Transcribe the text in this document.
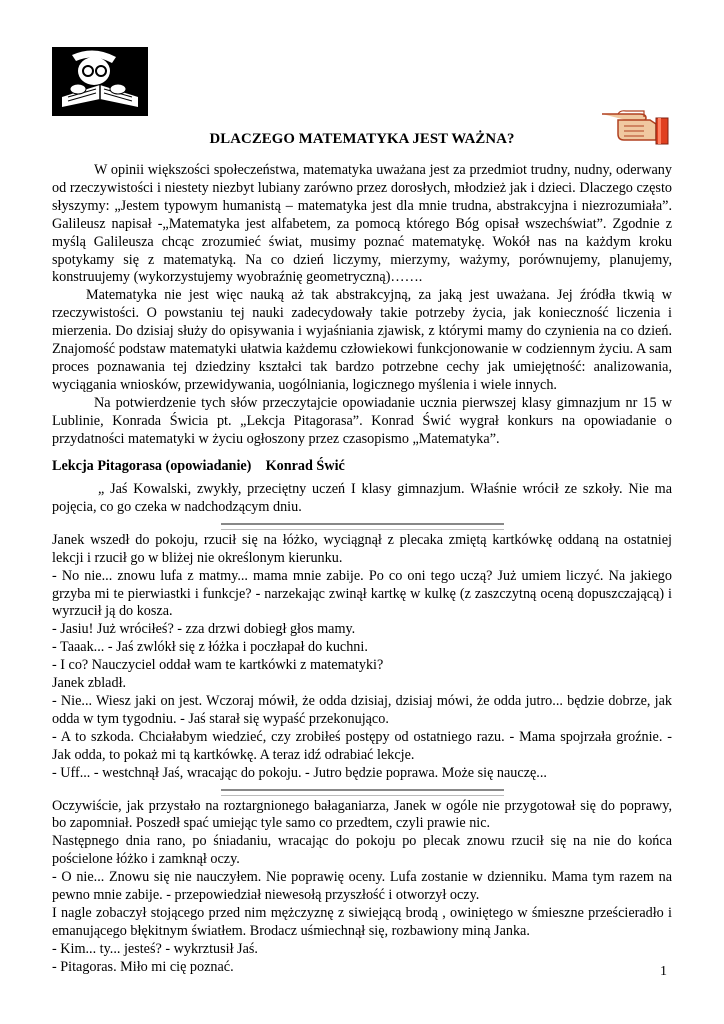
DLACZEGO MATEMATYKA JEST WAŻNA?

W opinii większości społeczeństwa, matematyka uważana jest za przedmiot trudny, nudny, oderwany od rzeczywistości i niestety niezbyt lubiany zarówno przez dorosłych, młodzież jak i dzieci. Dlaczego często słyszymy: „Jestem typowym humanistą – matematyka jest dla mnie trudna, abstrakcyjna i niezrozumiała”. Galileusz napisał -„Matematyka jest alfabetem, za pomocą którego Bóg opisał wszechświat”. Zgodnie z myślą Galileusza chcąc zrozumieć świat, musimy poznać matematykę. Wokół nas na każdym kroku spotykamy się z matematyką. Na co dzień liczymy, mierzymy, ważymy, porównujemy, planujemy, konstruujemy (wykorzystujemy wyobraźnię geometryczną)…….

Matematyka nie jest więc nauką aż tak abstrakcyjną, za jaką jest uważana. Jej źródła tkwią w rzeczywistości. O powstaniu tej nauki zadecydowały takie potrzeby życia, jak konieczność liczenia i mierzenia. Do dzisiaj służy do opisywania i wyjaśniania zjawisk, z którymi mamy do czynienia na co dzień. Znajomość podstaw matematyki ułatwia każdemu człowiekowi funkcjonowanie w codziennym życiu. A sam proces poznawania tej dziedziny kształci tak bardzo potrzebne cechy jak umiejętność: analizowania, wyciągania wniosków, przewidywania, uogólniania, logicznego myślenia i wiele innych.

Na potwierdzenie tych słów przeczytajcie opowiadanie ucznia pierwszej klasy gimnazjum nr 15 w Lublinie, Konrada Świcia pt. „Lekcja Pitagorasa”. Konrad Świć wygrał konkurs na opowiadanie o przydatności matematyki w życiu ogłoszony przez czasopismo „Matematyka”.

Lekcja Pitagorasa (opowiadanie)    Konrad Świć

„ Jaś Kowalski, zwykły, przeciętny uczeń I klasy gimnazjum. Właśnie wrócił ze szkoły. Nie ma pojęcia, co go czeka w nadchodzącym dniu.

Janek wszedł do pokoju, rzucił się na łóżko, wyciągnął z plecaka zmiętą kartkówkę oddaną na ostatniej lekcji i rzucił go w bliżej nie określonym kierunku.

- No nie... znowu lufa z matmy... mama mnie zabije. Po co oni tego uczą? Już umiem liczyć. Na jakiego grzyba mi te pierwiastki i funkcje? - narzekając zwinął kartkę w kulkę (z zaszczytną oceną dopuszczającą) i wyrzucił ją do kosza.

- Jasiu! Już wróciłeś? - zza drzwi dobiegł głos mamy.

- Taaak... - Jaś zwlókł się z łóżka i poczłapał do kuchni.

- I co? Nauczyciel oddał wam te kartkówki z matematyki?

Janek zbladł.

- Nie... Wiesz jaki on jest. Wczoraj mówił, że odda dzisiaj, dzisiaj mówi, że odda jutro... będzie dobrze, jak odda w tym tygodniu. - Jaś starał się wypaść przekonująco.

- A to szkoda. Chciałabym wiedzieć, czy zrobiłeś postępy od ostatniego razu. - Mama spojrzała groźnie. - Jak odda, to pokaż mi tą kartkówkę. A teraz idź odrabiać lekcje.

- Uff... - westchnął Jaś, wracając do pokoju. - Jutro będzie poprawa. Może się nauczę...

Oczywiście, jak przystało na roztargnionego bałaganiarza, Janek w ogóle nie przygotował się do poprawy, bo zapomniał. Poszedł spać umiejąc tyle samo co przedtem, czyli prawie nic.

Następnego dnia rano, po śniadaniu, wracając do pokoju po plecak znowu rzucił się na nie do końca pościelone łóżko i zamknął oczy.

- O nie... Znowu się nie nauczyłem. Nie poprawię oceny. Lufa zostanie w dzienniku. Mama tym razem na pewno mnie zabije. - przepowiedział niewesołą przyszłość i otworzył oczy.

I nagle zobaczył stojącego przed nim mężczyznę z siwiejącą brodą , owiniętego w śmieszne prześcieradło i emanującego błękitnym światłem. Brodacz uśmiechnął się, rozbawiony miną Janka.

- Kim... ty... jesteś? - wykrztusił Jaś.

- Pitagoras. Miło mi cię poznać.	1
